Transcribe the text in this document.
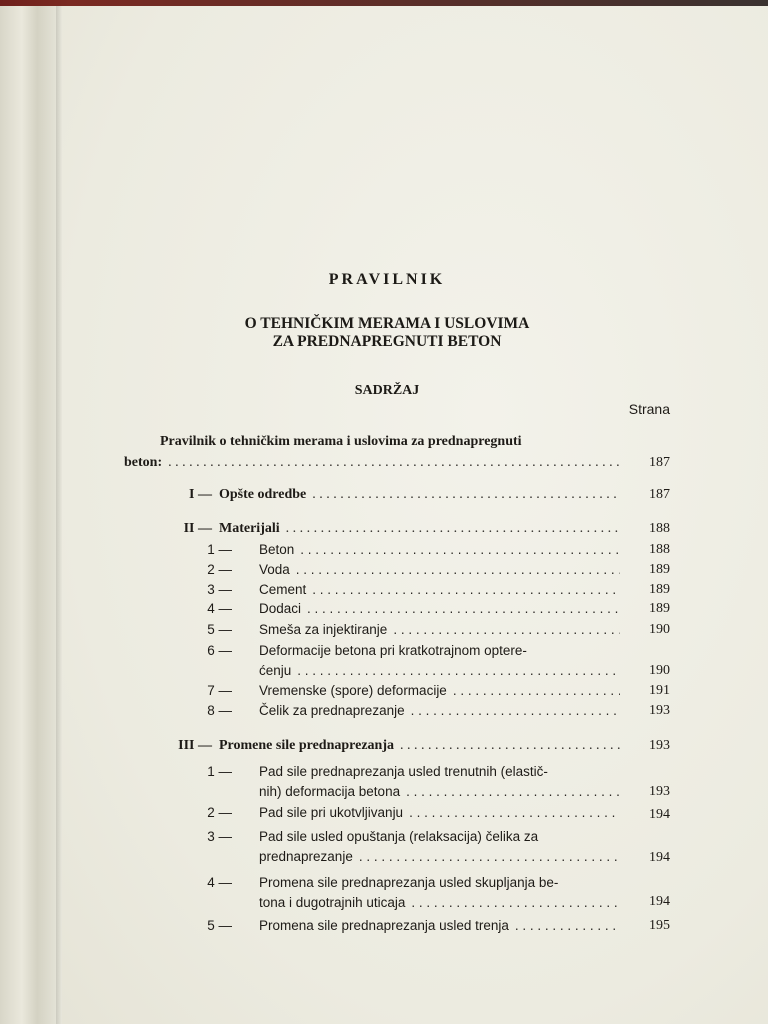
PRAVILNIK
O TEHNIČKIM MERAMA I USLOVIMA
ZA PREDNAPREGNUTI BETON
SADRŽAJ
Strana
Pravilnik o tehničkim merama i uslovima za prednapregnuti
beton: . . .	187
I — Opšte odredbe . . .	187
II — Materijali . . .	188
1 — Beton . . .	188
2 — Voda . . .	189
3 — Cement . . .	189
4 — Dodaci . . .	189
5 — Smeša za injektiranje . . .	190
6 — Deformacije betona pri kratkotrajnom optere-
ćenju . . .	190
7 — Vremenske (spore) deformacije . . .	191
8 — Čelik za prednaprezanje . . .	193
III — Promene sile prednaprezanja . . .	193
1 — Pad sile prednaprezanja usled trenutnih (elastič-
nih) deformacija betona . . .	193
2 — Pad sile pri ukotvljivanju . . .	194
3 — Pad sile usled opuštanja (relaksacija) čelika za
prednaprezanje . . .	194
4 — Promena sile prednaprezanja usled skupljanja be-
tona i dugotrajnih uticaja . . .	194
5 — Promena sile prednaprezanja usled trenja . . .	195
